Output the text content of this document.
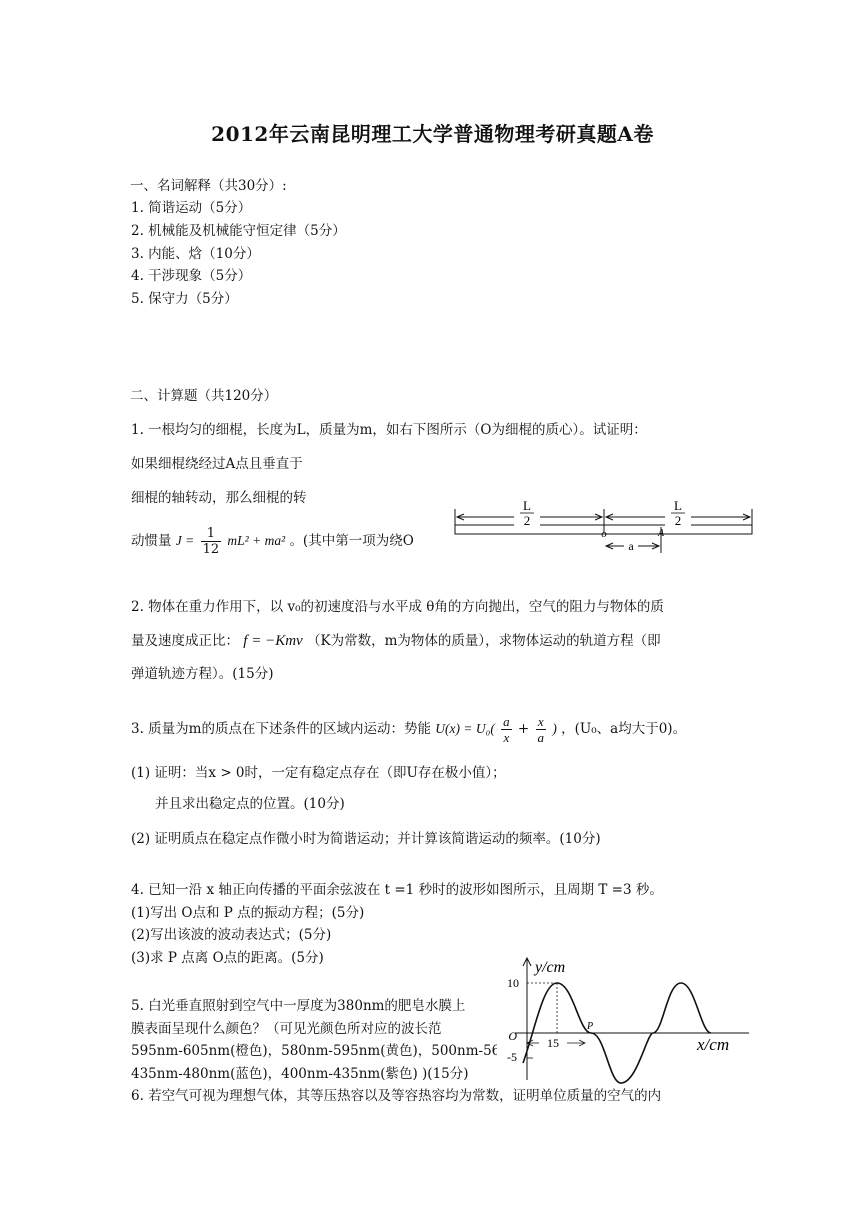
2012年云南昆明理工大学普通物理考研真题A卷
一、名词解释（共30分）:
1. 简谐运动（5分）
2. 机械能及机械能守恒定律（5分）
3. 内能、焓（10分）
4. 干涉现象（5分）
5. 保守力（5分）
二、计算题（共120分）
1. 一根均匀的细棍，长度为L，质量为m，如右下图所示（O为细棍的质心）。试证明：
如果细棍绕经过A点且垂直于
细棍的轴转动，那么细棍的转
动惯量 $J = \frac{1}{12} mL^2 + ma^2$ 。(其中第一项为绕O
L
2
L
2
o	A
a
2. 物体在重力作用下，以 v₀的初速度沿与水平成 θ角的方向抛出，空气的阻力与物体的质
量及速度成正比： f = −Kmv （K为常数，m为物体的质量），求物体运动的轨道方程（即
弹道轨迹方程）。(15分)
3. 质量为m的质点在下述条件的区域内运动：势能 $U(x) = U_0( \frac{a}{x} + \frac{x}{a}$ ) ，(U₀、a均大于0)。
(1) 证明：当x > 0时，一定有稳定点存在（即U存在极小值）；
并且求出稳定点的位置。(10分)
(2) 证明质点在稳定点作微小时为简谐运动；并计算该简谐运动的频率。(10分)
4. 已知一沿 x 轴正向传播的平面余弦波在 t =1 秒时的波形如图所示，且周期 T =3 秒。
(1)写出 O点和 P 点的振动方程；(5分)
(2)写出该波的波动表达式；(5分)
(3)求 P 点离 O点的距离。(5分)
5. 白光垂直照射到空气中一厚度为380nm的肥皂水膜上
膜表面呈现什么颜色？（可见光颜色所对应的波长范
595nm-605nm(橙色)，580nm-595nm(黄色)，500nm-560
435nm-480nm(蓝色)，400nm-435nm(紫色) )(15分)
y/cm
x/cm
10
-5
O
P
15
6. 若空气可视为理想气体，其等压热容以及等容热容均为常数，证明单位质量的空气的内
